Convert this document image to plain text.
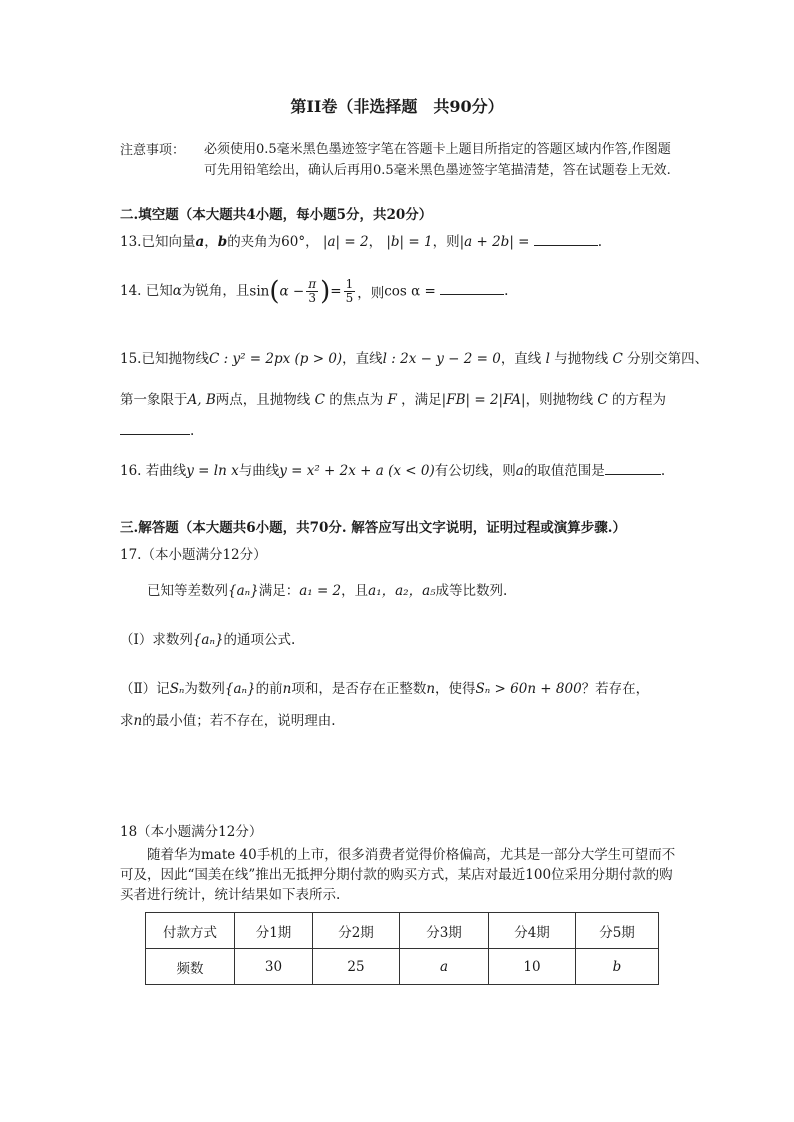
第II卷（非选择题　共90分）
注意事项： 必须使用0.5毫米黑色墨迹签字笔在答题卡上题目所指定的答题区域内作答,作图题可先用铅笔绘出，确认后再用0.5毫米黑色墨迹签字笔描清楚，答在试题卷上无效.
二.填空题（本大题共4小题，每小题5分，共20分）
13.已知向量a，b的夹角为60°， |a| = 2， |b| = 1，则|a + 2b| =	.
14. 已知α为锐角，且$\sin(\alpha - \frac{\pi}{3}$ )= $\frac{1}{5}$ ，则cos α =	.
15.已知抛物线C : y² = 2px (p > 0)，直线l : 2x − y − 2 = 0，直线 l 与抛物线 C 分别交第四、
第一象限于A, B两点，且抛物线 C 的焦点为 F ，满足|FB| = 2|FA|，则抛物线 C 的方程为
.
16. 若曲线y = ln x与曲线y = x² + 2x + a (x < 0)有公切线，则a的取值范围是	.
三.解答题（本大题共6小题，共70分. 解答应写出文字说明，证明过程或演算步骤.）
17.（本小题满分12分）
已知等差数列{aₙ}满足：a₁ = 2，且a₁，a₂，a₅成等比数列.
（Ⅰ）求数列{aₙ}的通项公式.
（Ⅱ）记Sₙ为数列{aₙ}的前n项和，是否存在正整数n，使得Sₙ > 60n + 800？若存在，
求n的最小值；若不存在，说明理由.
18（本小题满分12分）
随着华为mate 40手机的上市，很多消费者觉得价格偏高，尤其是一部分大学生可望而不可及，因此“国美在线”推出无抵押分期付款的购买方式，某店对最近100位采用分期付款的购买者进行统计，统计结果如下表所示.
付款方式	分1期	分2期	分3期	分4期	分5期
频数	30	25	a	10	b
